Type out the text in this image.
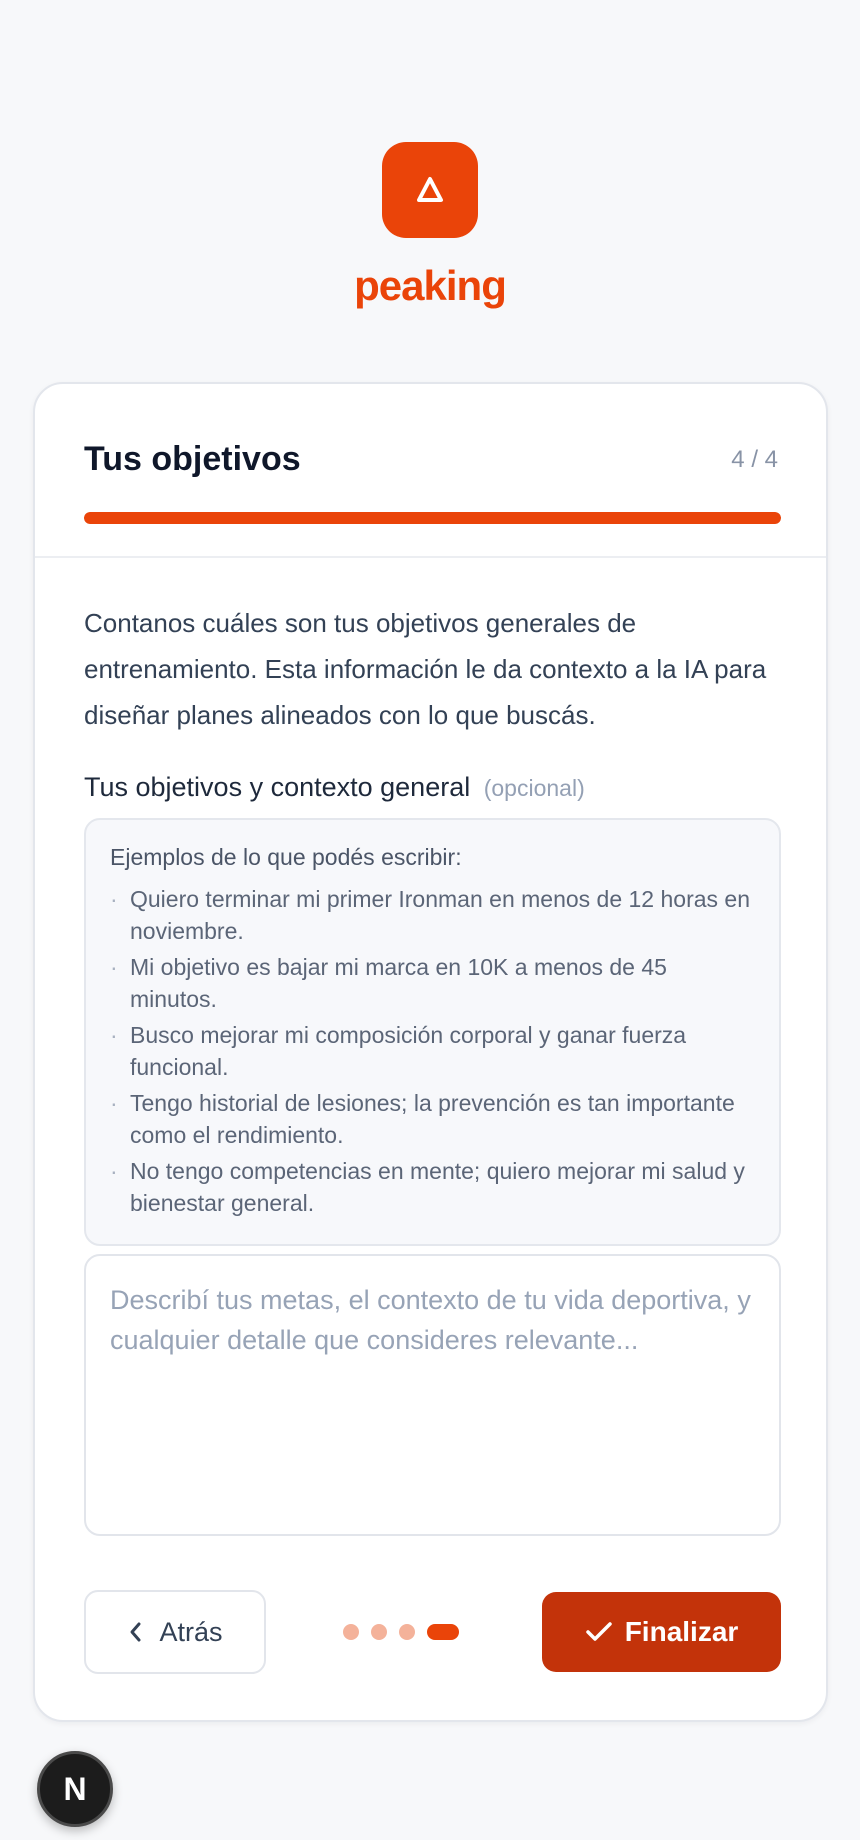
peaking
Tus objetivos	4 / 4

Contanos cuáles son tus objetivos generales de entrenamiento. Esta información le da contexto a la IA para diseñar planes alineados con lo que buscás.

Tus objetivos y contexto general (opcional)
Ejemplos de lo que podés escribir:
· Quiero terminar mi primer Ironman en menos de 12 horas en noviembre.
· Mi objetivo es bajar mi marca en 10K a menos de 45 minutos.
· Busco mejorar mi composición corporal y ganar fuerza funcional.
· Tengo historial de lesiones; la prevención es tan importante como el rendimiento.
· No tengo competencias en mente; quiero mejorar mi salud y bienestar general.
Describí tus metas, el contexto de tu vida deportiva, y cualquier detalle que consideres relevante...
Atrás	Finalizar
N
